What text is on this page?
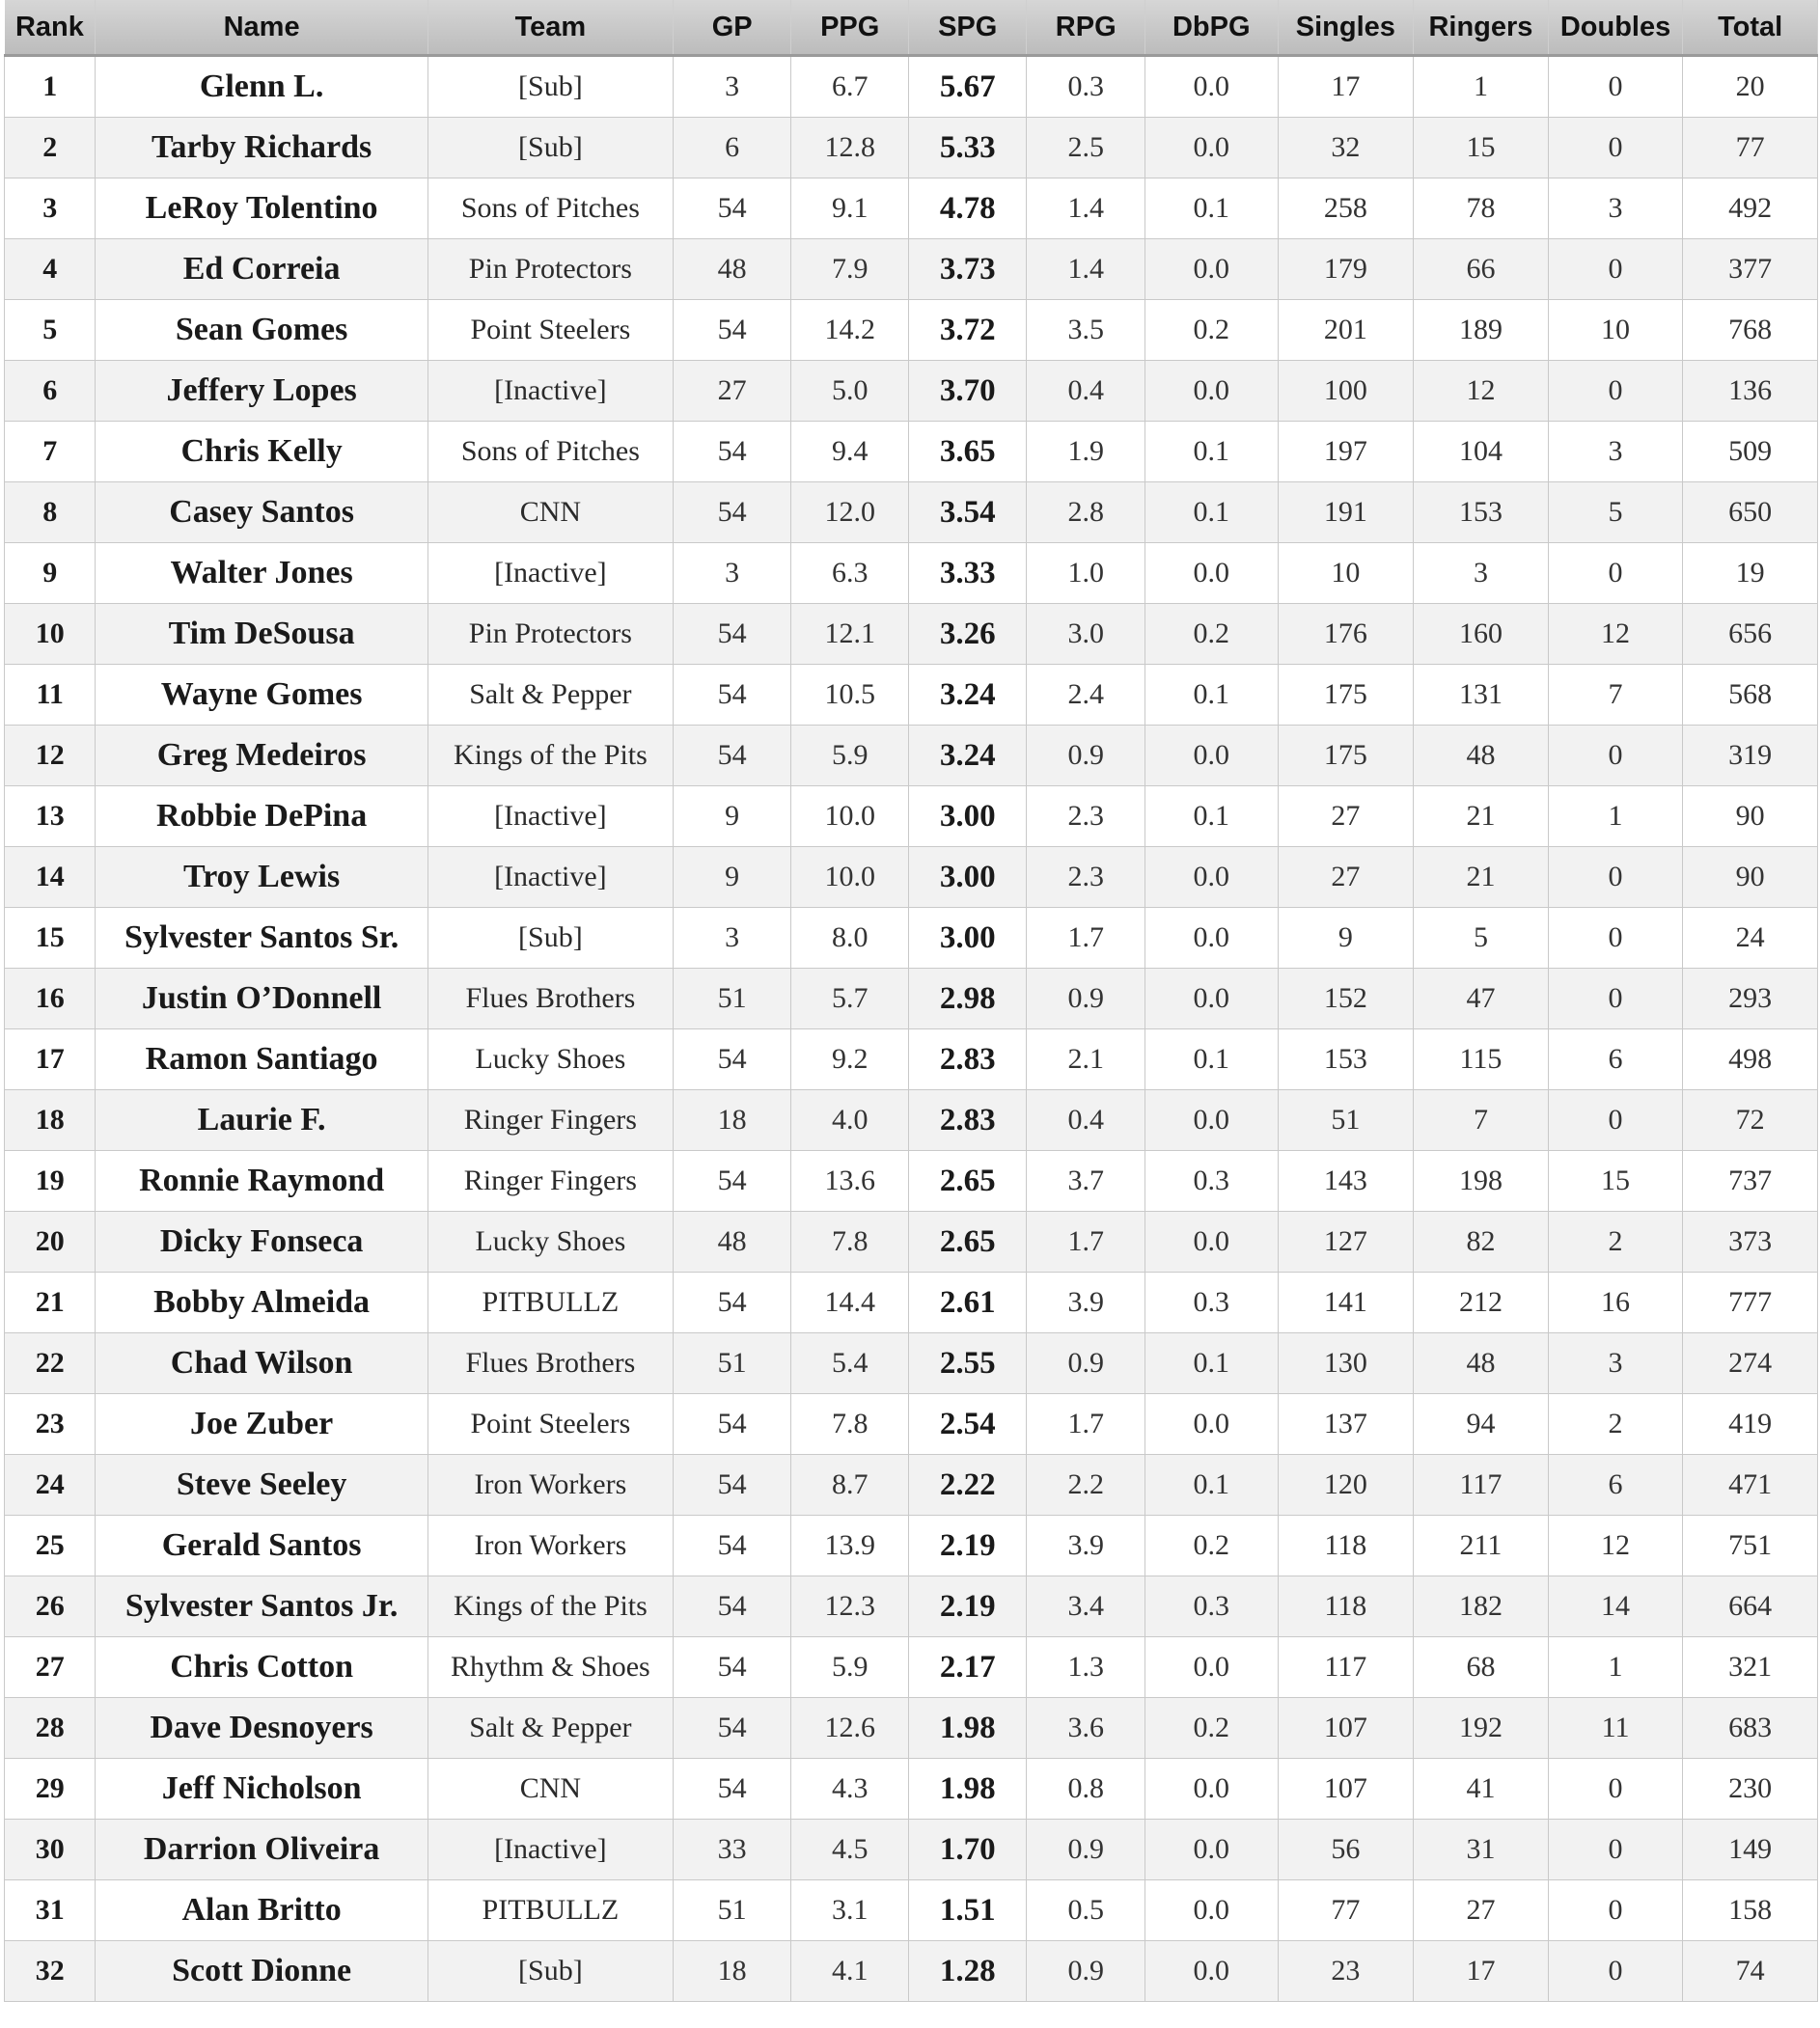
Rank	Name	Team	GP	PPG	SPG	RPG	DbPG	Singles	Ringers	Doubles	Total
1	Glenn L.	[Sub]	3	6.7	5.67	0.3	0.0	17	1	0	20
2	Tarby Richards	[Sub]	6	12.8	5.33	2.5	0.0	32	15	0	77
3	LeRoy Tolentino	Sons of Pitches	54	9.1	4.78	1.4	0.1	258	78	3	492
4	Ed Correia	Pin Protectors	48	7.9	3.73	1.4	0.0	179	66	0	377
5	Sean Gomes	Point Steelers	54	14.2	3.72	3.5	0.2	201	189	10	768
6	Jeffery Lopes	[Inactive]	27	5.0	3.70	0.4	0.0	100	12	0	136
7	Chris Kelly	Sons of Pitches	54	9.4	3.65	1.9	0.1	197	104	3	509
8	Casey Santos	CNN	54	12.0	3.54	2.8	0.1	191	153	5	650
9	Walter Jones	[Inactive]	3	6.3	3.33	1.0	0.0	10	3	0	19
10	Tim DeSousa	Pin Protectors	54	12.1	3.26	3.0	0.2	176	160	12	656
11	Wayne Gomes	Salt & Pepper	54	10.5	3.24	2.4	0.1	175	131	7	568
12	Greg Medeiros	Kings of the Pits	54	5.9	3.24	0.9	0.0	175	48	0	319
13	Robbie DePina	[Inactive]	9	10.0	3.00	2.3	0.1	27	21	1	90
14	Troy Lewis	[Inactive]	9	10.0	3.00	2.3	0.0	27	21	0	90
15	Sylvester Santos Sr.	[Sub]	3	8.0	3.00	1.7	0.0	9	5	0	24
16	Justin O’Donnell	Flues Brothers	51	5.7	2.98	0.9	0.0	152	47	0	293
17	Ramon Santiago	Lucky Shoes	54	9.2	2.83	2.1	0.1	153	115	6	498
18	Laurie F.	Ringer Fingers	18	4.0	2.83	0.4	0.0	51	7	0	72
19	Ronnie Raymond	Ringer Fingers	54	13.6	2.65	3.7	0.3	143	198	15	737
20	Dicky Fonseca	Lucky Shoes	48	7.8	2.65	1.7	0.0	127	82	2	373
21	Bobby Almeida	PITBULLZ	54	14.4	2.61	3.9	0.3	141	212	16	777
22	Chad Wilson	Flues Brothers	51	5.4	2.55	0.9	0.1	130	48	3	274
23	Joe Zuber	Point Steelers	54	7.8	2.54	1.7	0.0	137	94	2	419
24	Steve Seeley	Iron Workers	54	8.7	2.22	2.2	0.1	120	117	6	471
25	Gerald Santos	Iron Workers	54	13.9	2.19	3.9	0.2	118	211	12	751
26	Sylvester Santos Jr.	Kings of the Pits	54	12.3	2.19	3.4	0.3	118	182	14	664
27	Chris Cotton	Rhythm & Shoes	54	5.9	2.17	1.3	0.0	117	68	1	321
28	Dave Desnoyers	Salt & Pepper	54	12.6	1.98	3.6	0.2	107	192	11	683
29	Jeff Nicholson	CNN	54	4.3	1.98	0.8	0.0	107	41	0	230
30	Darrion Oliveira	[Inactive]	33	4.5	1.70	0.9	0.0	56	31	0	149
31	Alan Britto	PITBULLZ	51	3.1	1.51	0.5	0.0	77	27	0	158
32	Scott Dionne	[Sub]	18	4.1	1.28	0.9	0.0	23	17	0	74
